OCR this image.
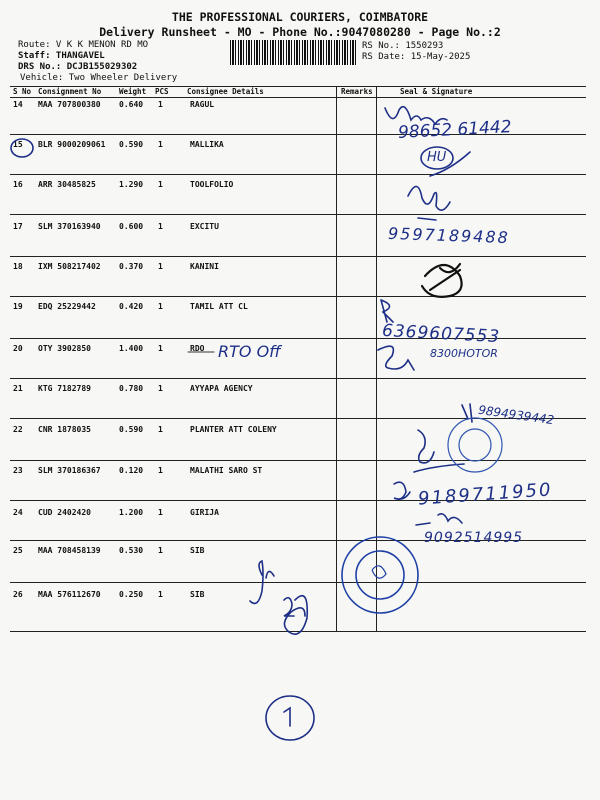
THE PROFESSIONAL COURIERS, COIMBATORE
Delivery Runsheet - MO - Phone No.:9047080280 - Page No.:2
Route: V K K MENON RD MO
Staff: THANGAVEL
DRS No.: DCJB155029302
Vehicle: Two Wheeler Delivery
RS No.: 1550293
RS Date: 15-May-2025
S No Consignment No Weight PCS Consignee Details	Remarks	Seal & Signature
14 MAA 707800380 0.640 1	RAGUL
15 BLR 9000209061 0.590 1	MALLIKA
16 ARR 30485825	1.290 1	TOOLFOLIO
17 SLM 370163940 0.600 1	EXCITU
18 IXM 508217402 0.370 1	KANINI
19 EDQ 25229442	0.420 1	TAMIL ATT CL
20 OTY 3902850	1.400 1	RDO
21 KTG 7182789	0.780 1	AYYAPA AGENCY
22 CNR 1878035	0.590 1	PLANTER ATT COLENY
23 SLM 370186367 0.120 1	MALATHI SARO ST
24 CUD 2402420	1.200 1	GIRIJA
25 MAA 708458139 0.530 1	SIB
26 MAA 576112670 0.250 1	SIB
98652 61442
HU
9597189488
6369607553
RTO Off	8300HOTOR
9894939442
9189711950
9092514995
